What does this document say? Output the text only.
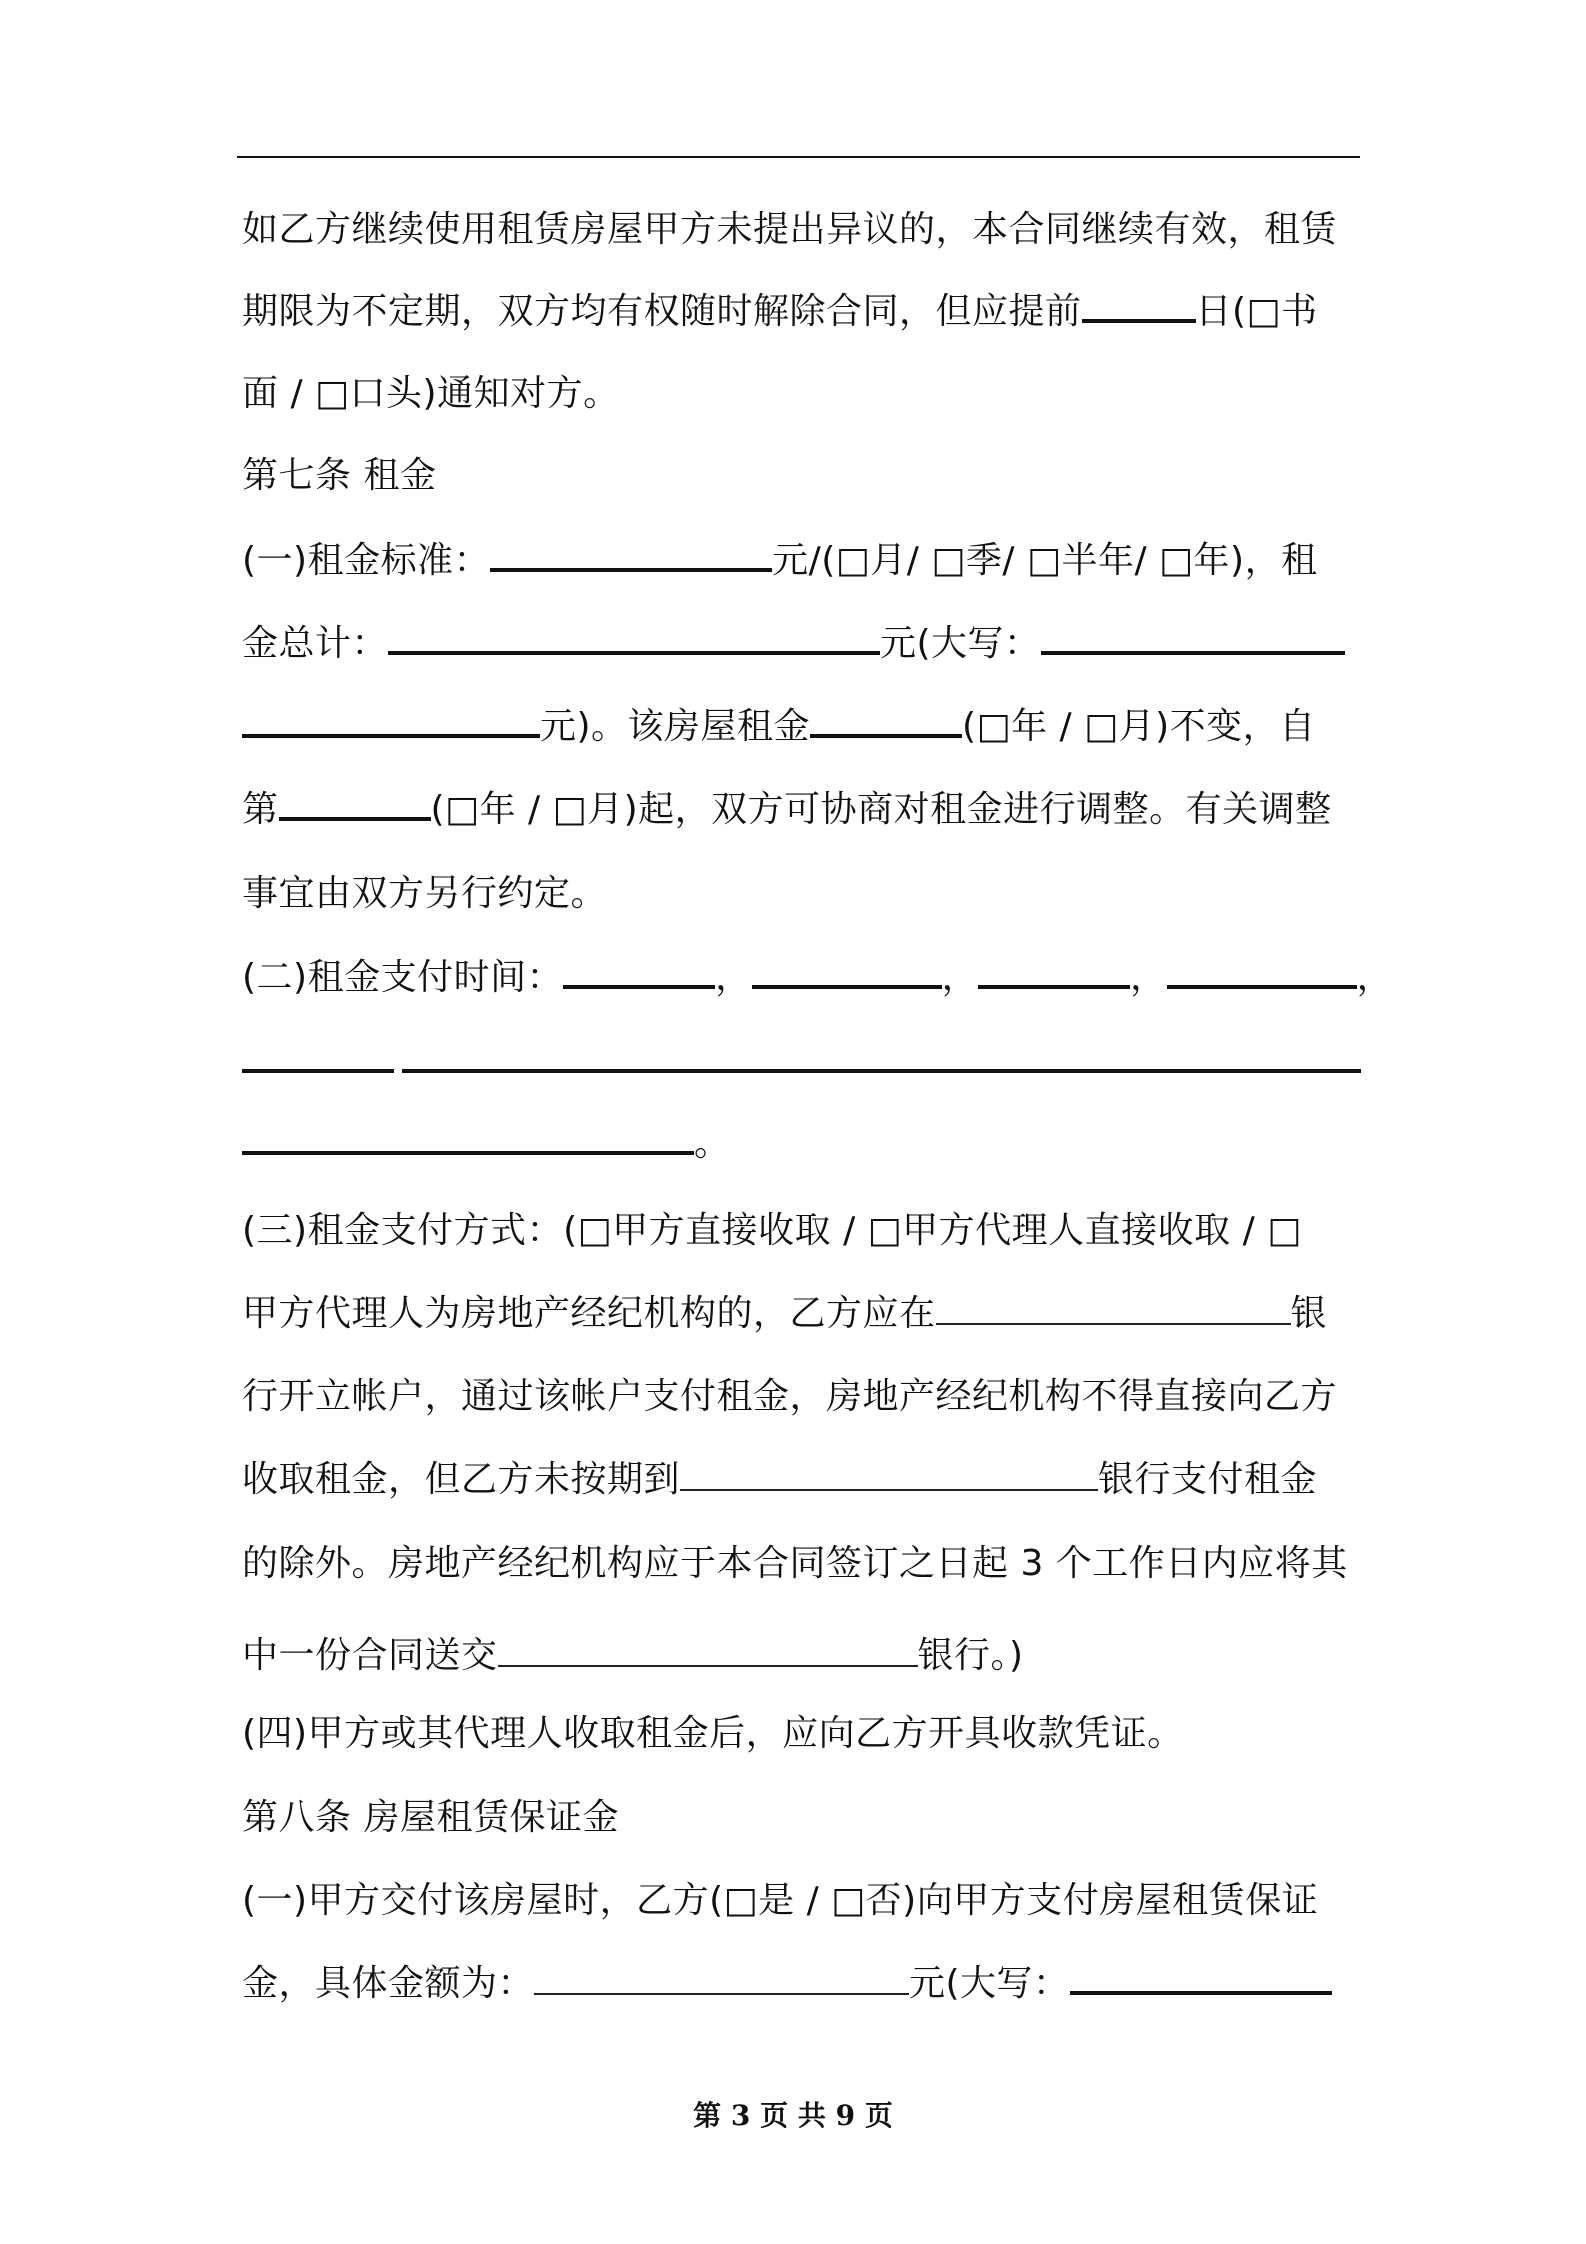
如乙方继续使用租赁房屋甲方未提出异议的，本合同继续有效，租赁
期限为不定期，双方均有权随时解除合同，但应提前	日(□书
面 / □口头)通知对方。
第七条 租金
(一)租金标准：	元/(□月/ □季/ □半年/ □年)，租
金总计：	元(大写：
元)。该房屋租金	(□年 / □月)不变，自
第	(□年 / □月)起，双方可协商对租金进行调整。有关调整
事宜由双方另行约定。
(二)租金支付时间：	，	，	，	，
。
(三)租金支付方式：(□甲方直接收取 / □甲方代理人直接收取 / □
甲方代理人为房地产经纪机构的，乙方应在	银
行开立帐户，通过该帐户支付租金，房地产经纪机构不得直接向乙方
收取租金，但乙方未按期到	银行支付租金
的除外。房地产经纪机构应于本合同签订之日起 3 个工作日内应将其
中一份合同送交	银行。)
(四)甲方或其代理人收取租金后，应向乙方开具收款凭证。
第八条 房屋租赁保证金
(一)甲方交付该房屋时，乙方(□是 / □否)向甲方支付房屋租赁保证
金，具体金额为：	元(大写：
第 3 页 共 9 页
